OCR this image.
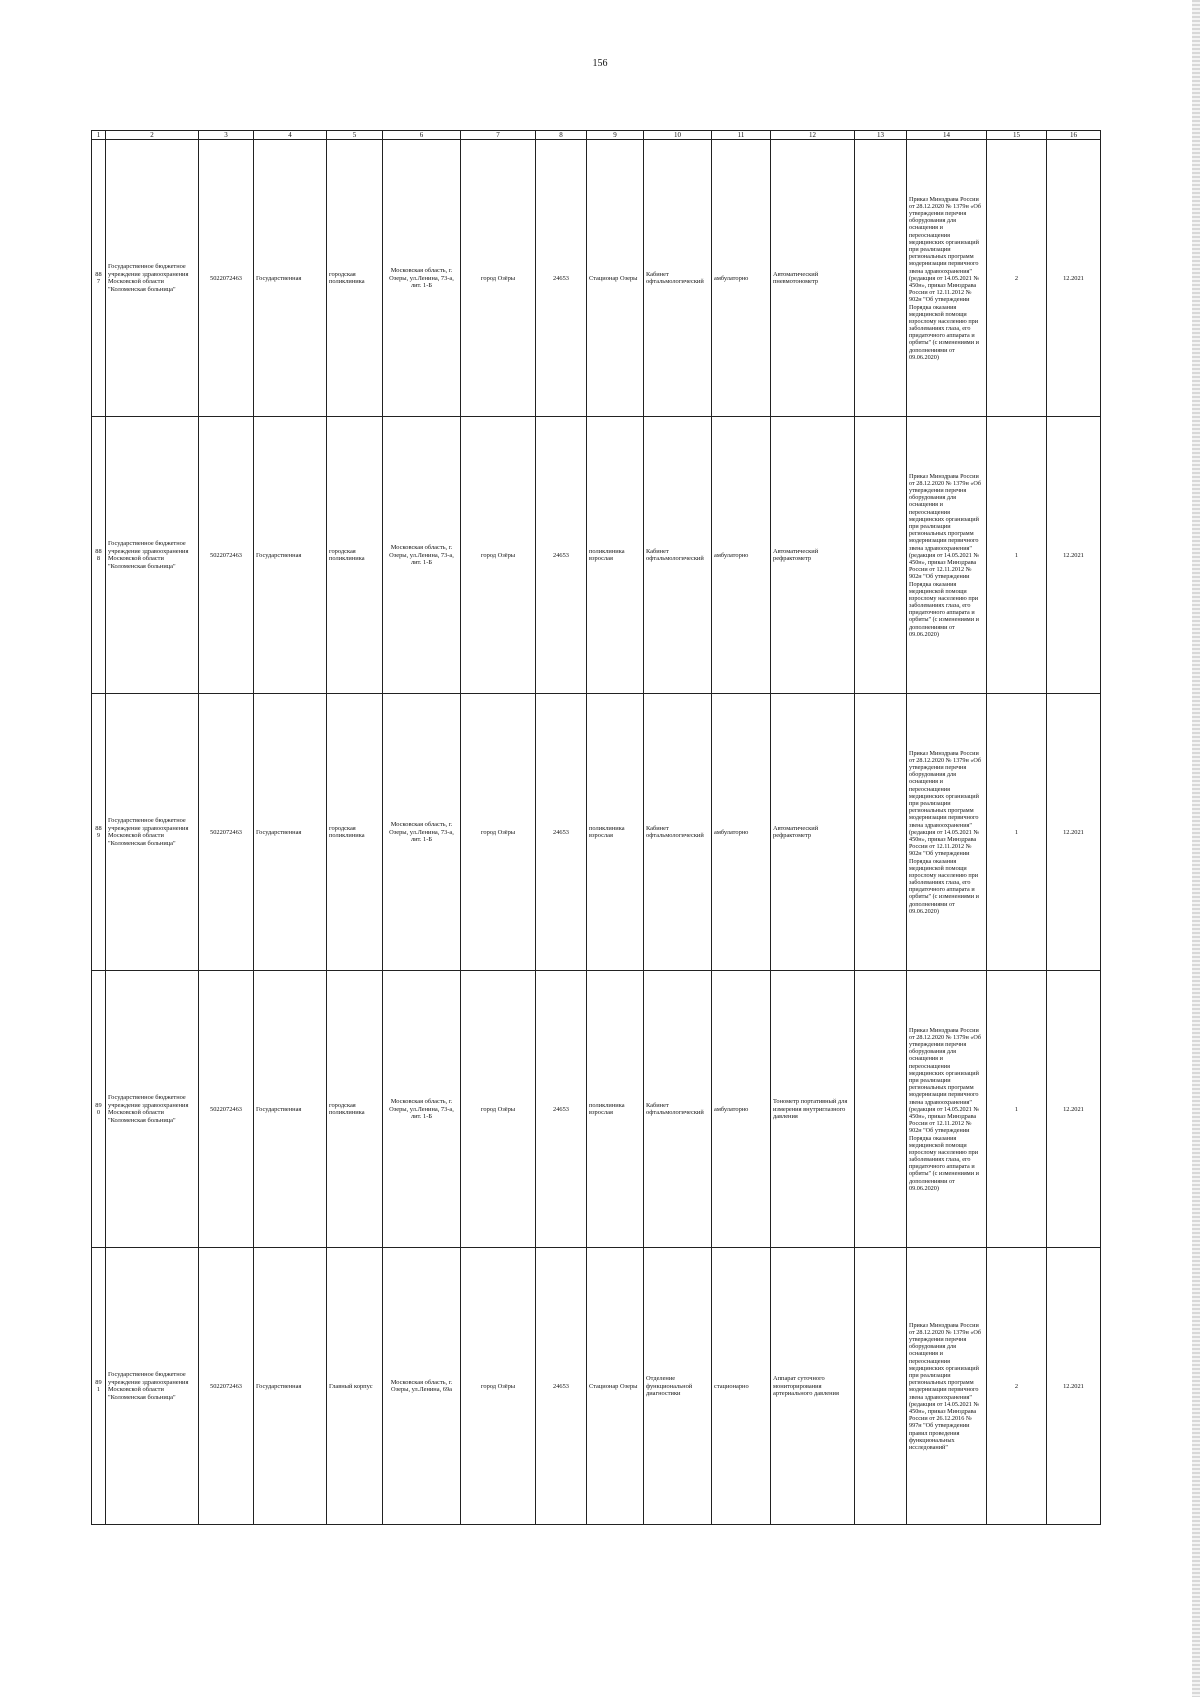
156
1	2	3	4	5	6	7	8	9	10	11	12	13	14	15	16
887	Государственное бюджетное учреждение здравоохранения Московской области "Коломенская больница"	5022072463	Государственная	городская поликлиника	Московская область, г. Озеры, ул.Ленина, 73-а, лит. 1-Б	город Озёры	24653	Стационар Озеры	Кабинет офтальмологический	амбулаторно	Автоматический пневмотонометр		Приказ Минздрава России от 28.12.2020 № 1379н «Об утверждении перечня оборудования для оснащения и переоснащения медицинских организаций при реализации региональных программ модернизации первичного звена здравоохранения"(редакция от 14.05.2021 № 450н», приказ Минздрава России от 12.11.2012 № 902н "Об утверждении Порядка оказания медицинской помощи взрослому населению при заболеваниях глаза, его придаточного аппарата и орбиты" (с изменениями и дополнениями от 09.06.2020)	2	12.2021
888	Государственное бюджетное учреждение здравоохранения Московской области "Коломенская больница"	5022072463	Государственная	городская поликлиника	Московская область, г. Озеры, ул.Ленина, 73-а, лит. 1-Б	город Озёры	24653	поликлиника взрослая	Кабинет офтальмологический	амбулаторно	Автоматический рефрактометр		Приказ Минздрава России от 28.12.2020 № 1379н «Об утверждении перечня оборудования для оснащения и переоснащения медицинских организаций при реализации региональных программ модернизации первичного звена здравоохранения"(редакция от 14.05.2021 № 450н», приказ Минздрава России от 12.11.2012 № 902н "Об утверждении Порядка оказания медицинской помощи взрослому населению при заболеваниях глаза, его придаточного аппарата и орбиты" (с изменениями и дополнениями от 09.06.2020)	1	12.2021
889	Государственное бюджетное учреждение здравоохранения Московской области "Коломенская больница"	5022072463	Государственная	городская поликлиника	Московская область, г. Озеры, ул.Ленина, 73-а, лит. 1-Б	город Озёры	24653	поликлиника взрослая	Кабинет офтальмологический	амбулаторно	Автоматический рефрактометр		Приказ Минздрава России от 28.12.2020 № 1379н «Об утверждении перечня оборудования для оснащения и переоснащения медицинских организаций при реализации региональных программ модернизации первичного звена здравоохранения"(редакция от 14.05.2021 № 450н», приказ Минздрава России от 12.11.2012 № 902н "Об утверждении Порядка оказания медицинской помощи взрослому населению при заболеваниях глаза, его придаточного аппарата и орбиты" (с изменениями и дополнениями от 09.06.2020)	1	12.2021
890	Государственное бюджетное учреждение здравоохранения Московской области "Коломенская больница"	5022072463	Государственная	городская поликлиника	Московская область, г. Озеры, ул.Ленина, 73-а, лит. 1-Б	город Озёры	24653	поликлиника взрослая	Кабинет офтальмологический	амбулаторно	Тонометр портативный для измерения внутриглазного давления		Приказ Минздрава России от 28.12.2020 № 1379н «Об утверждении перечня оборудования для оснащения и переоснащения медицинских организаций при реализации региональных программ модернизации первичного звена здравоохранения"(редакция от 14.05.2021 № 450н», приказ Минздрава России от 12.11.2012 № 902н "Об утверждении Порядка оказания медицинской помощи взрослому населению при заболеваниях глаза, его придаточного аппарата и орбиты" (с изменениями и дополнениями от 09.06.2020)	1	12.2021
891	Государственное бюджетное учреждение здравоохранения Московской области "Коломенская больница"	5022072463	Государственная	Главный корпус	Московская область, г. Озеры, ул.Ленина, 69а	город Озёры	24653	Стационар Озеры	Отделение функциональной диагностики	стационарно	Аппарат суточного мониторирования артериального давления		Приказ Минздрава России от 28.12.2020 № 1379н «Об утверждении перечня оборудования для оснащения и переоснащения медицинских организаций при реализации региональных программ модернизации первичного звена здравоохранения"(редакция от 14.05.2021 № 450н», приказ Минздрава России от 26.12.2016 № 997н "Об утверждении правил проведения функциональных исследований"	2	12.2021
